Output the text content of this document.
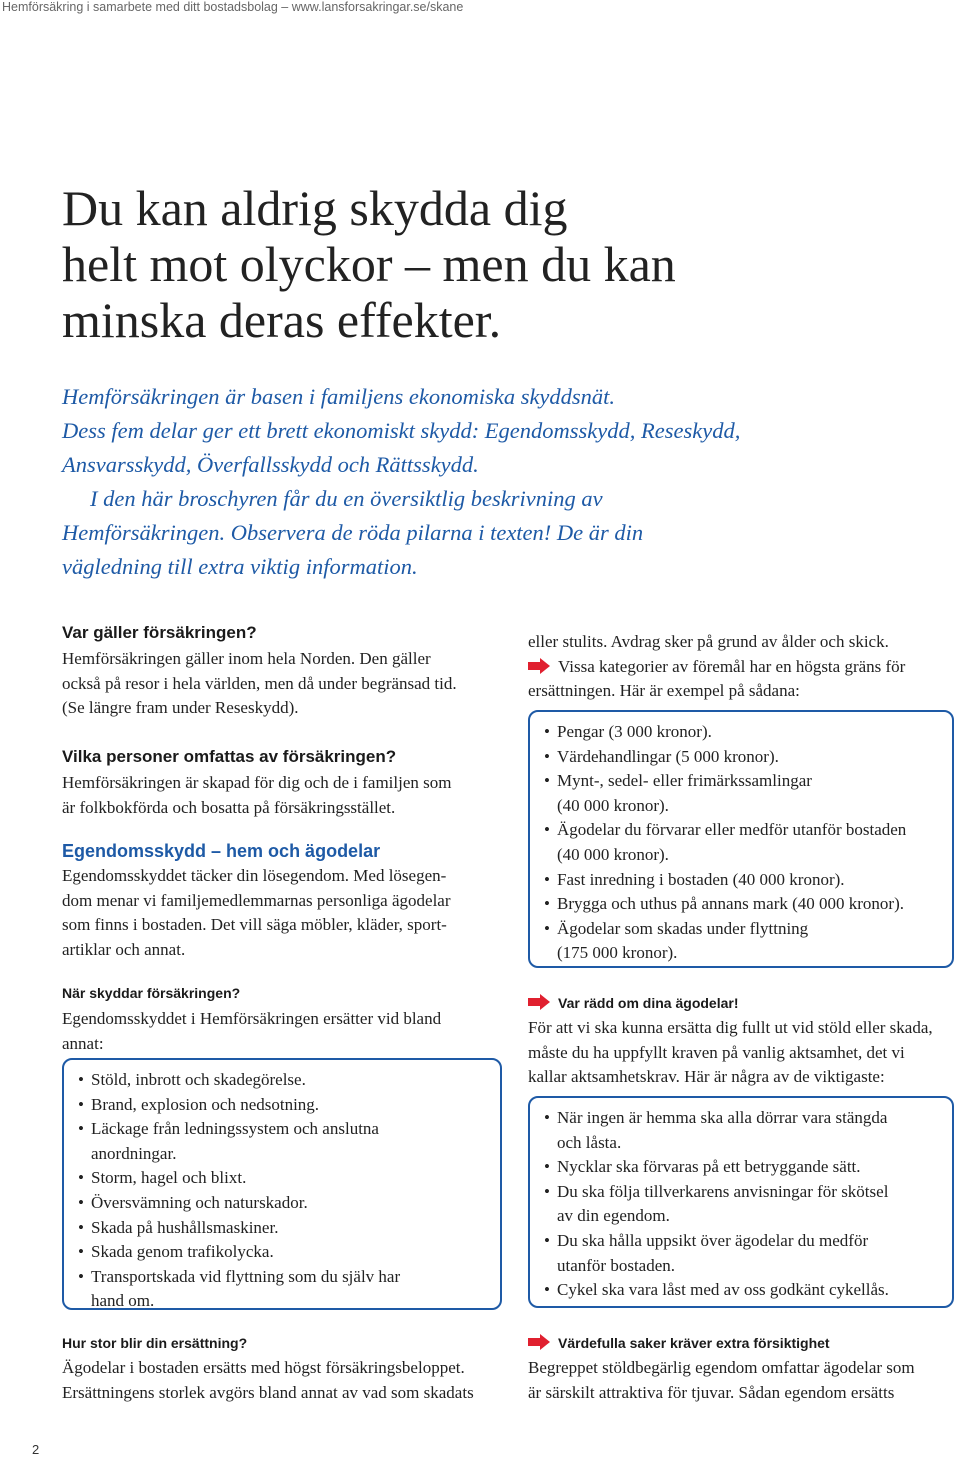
Hemförsäkring i samarbete med ditt bostadsbolag – www.lansforsakringar.se/skane
Du kan aldrig skydda dig
helt mot olyckor – men du kan
minska deras effekter.
Hemförsäkringen är basen i familjens ekonomiska skyddsnät.
Dess fem delar ger ett brett ekonomiskt skydd: Egendomsskydd, Reseskydd,
Ansvarsskydd, Överfallsskydd och Rättsskydd.
I den här broschyren får du en översiktlig beskrivning av
Hemförsäkringen. Observera de röda pilarna i texten! De är din
vägledning till extra viktig information.
Var gäller försäkringen?
Hemförsäkringen gäller inom hela Norden. Den gäller
också på resor i hela världen, men då under begränsad tid.
(Se längre fram under Reseskydd).
Vilka personer omfattas av försäkringen?
Hemförsäkringen är skapad för dig och de i familjen som
är folkbokförda och bosatta på försäkringsstället.
Egendomsskydd – hem och ägodelar
Egendomsskyddet täcker din lösegendom. Med lösegen-
dom menar vi familjemedlemmarnas personliga ägodelar
som finns i bostaden. Det vill säga möbler, kläder, sport-
artiklar och annat.
När skyddar försäkringen?
Egendomsskyddet i Hemförsäkringen ersätter vid bland
annat:
• Stöld, inbrott och skadegörelse.
• Brand, explosion och nedsotning.
• Läckage från ledningssystem och anslutna
anordningar.
• Storm, hagel och blixt.
• Översvämning och naturskador.
• Skada på hushållsmaskiner.
• Skada genom trafikolycka.
• Transportskada vid flyttning som du själv har
hand om.
Hur stor blir din ersättning?
Ägodelar i bostaden ersätts med högst försäkringsbeloppet.
Ersättningens storlek avgörs bland annat av vad som skadats
eller stulits. Avdrag sker på grund av ålder och skick.
Vissa kategorier av föremål har en högsta gräns för
ersättningen. Här är exempel på sådana:
• Pengar (3 000 kronor).
• Värdehandlingar (5 000 kronor).
• Mynt-, sedel- eller frimärkssamlingar
(40 000 kronor).
• Ägodelar du förvarar eller medför utanför bostaden
(40 000 kronor).
• Fast inredning i bostaden (40 000 kronor).
• Brygga och uthus på annans mark (40 000 kronor).
• Ägodelar som skadas under flyttning
(175 000 kronor).
Var rädd om dina ägodelar!
För att vi ska kunna ersätta dig fullt ut vid stöld eller skada,
måste du ha uppfyllt kraven på vanlig aktsamhet, det vi
kallar aktsamhetskrav. Här är några av de viktigaste:
• När ingen är hemma ska alla dörrar vara stängda
och låsta.
• Nycklar ska förvaras på ett betryggande sätt.
• Du ska följa tillverkarens anvisningar för skötsel
av din egendom.
• Du ska hålla uppsikt över ägodelar du medför
utanför bostaden.
• Cykel ska vara låst med av oss godkänt cykellås.
Värdefulla saker kräver extra försiktighet
Begreppet stöldbegärlig egendom omfattar ägodelar som
är särskilt attraktiva för tjuvar. Sådan egendom ersätts
2
